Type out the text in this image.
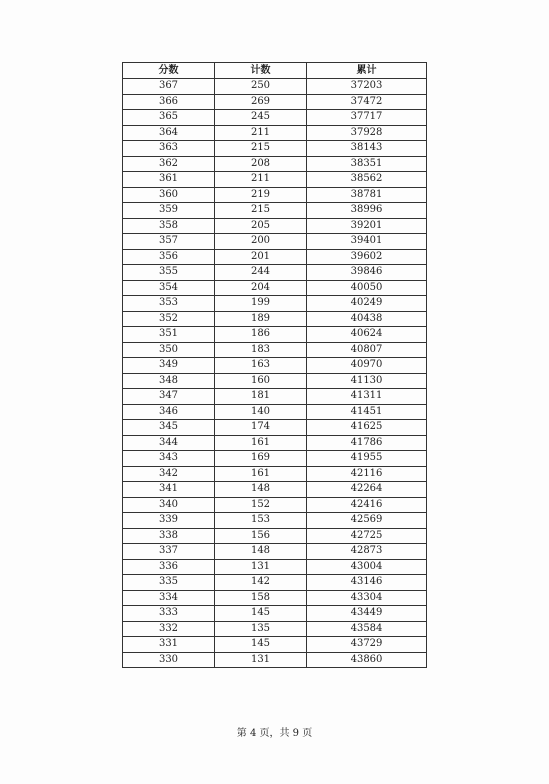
分数	计数	累计
367	250	37203
366	269	37472
365	245	37717
364	211	37928
363	215	38143
362	208	38351
361	211	38562
360	219	38781
359	215	38996
358	205	39201
357	200	39401
356	201	39602
355	244	39846
354	204	40050
353	199	40249
352	189	40438
351	186	40624
350	183	40807
349	163	40970
348	160	41130
347	181	41311
346	140	41451
345	174	41625
344	161	41786
343	169	41955
342	161	42116
341	148	42264
340	152	42416
339	153	42569
338	156	42725
337	148	42873
336	131	43004
335	142	43146
334	158	43304
333	145	43449
332	135	43584
331	145	43729
330	131	43860
第 4 页，共 9 页
